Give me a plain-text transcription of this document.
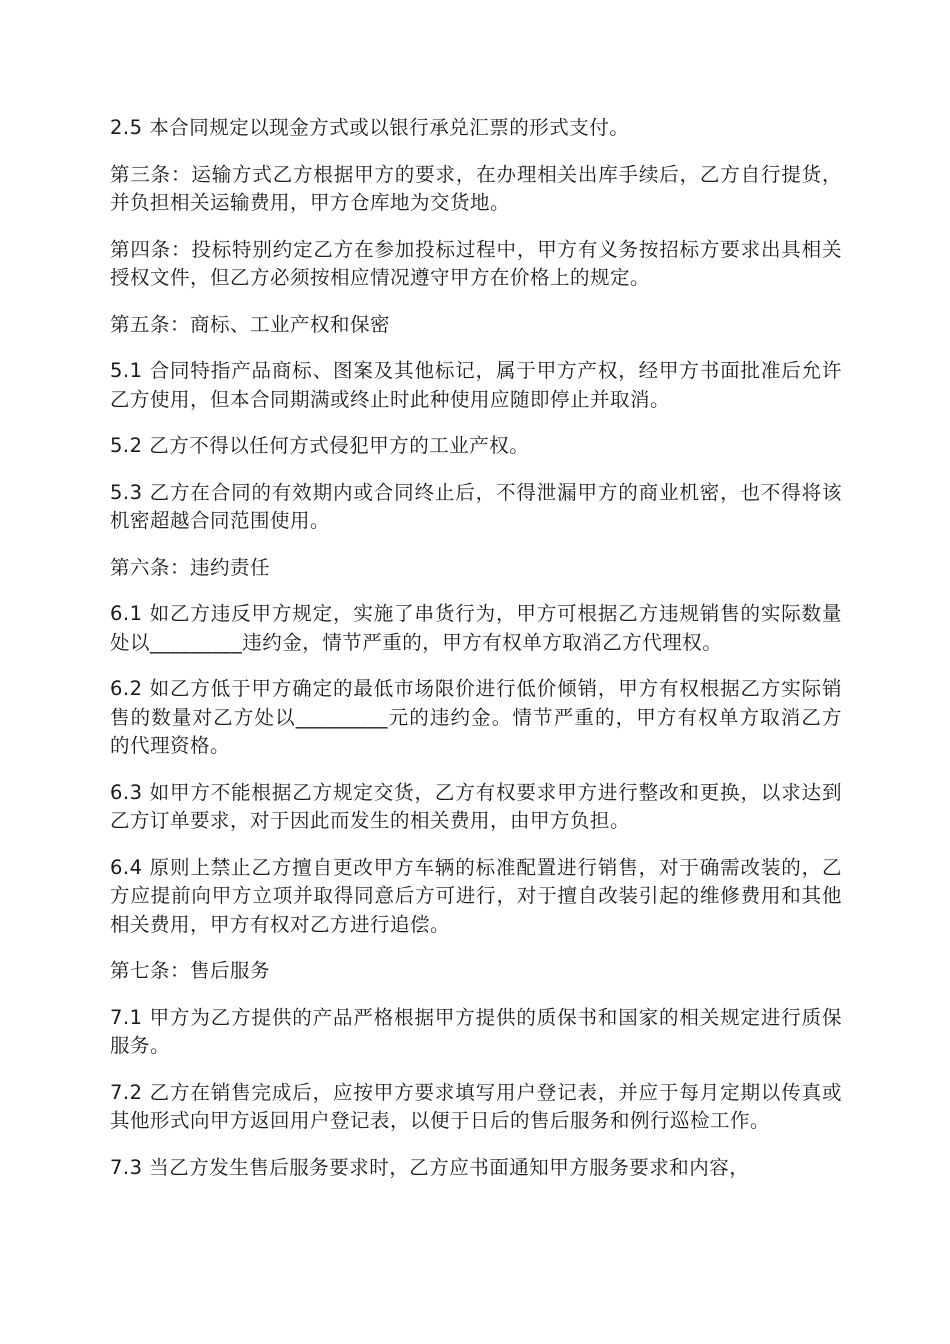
2.5 本合同规定以现金方式或以银行承兑汇票的形式支付。

第三条：运输方式乙方根据甲方的要求，在办理相关出库手续后，乙方自行提货，并负担相关运输费用，甲方仓库地为交货地。

第四条：投标特别约定乙方在参加投标过程中，甲方有义务按招标方要求出具相关授权文件，但乙方必须按相应情况遵守甲方在价格上的规定。

第五条：商标、工业产权和保密

5.1 合同特指产品商标、图案及其他标记，属于甲方产权，经甲方书面批准后允许乙方使用，但本合同期满或终止时此种使用应随即停止并取消。

5.2 乙方不得以任何方式侵犯甲方的工业产权。

5.3 乙方在合同的有效期内或合同终止后，不得泄漏甲方的商业机密，也不得将该机密超越合同范围使用。

第六条：违约责任

6.1 如乙方违反甲方规定，实施了串货行为，甲方可根据乙方违规销售的实际数量处以_________违约金，情节严重的，甲方有权单方取消乙方代理权。

6.2 如乙方低于甲方确定的最低市场限价进行低价倾销，甲方有权根据乙方实际销售的数量对乙方处以_________元的违约金。情节严重的，甲方有权单方取消乙方的代理资格。

6.3 如甲方不能根据乙方规定交货，乙方有权要求甲方进行整改和更换，以求达到乙方订单要求，对于因此而发生的相关费用，由甲方负担。

6.4 原则上禁止乙方擅自更改甲方车辆的标准配置进行销售，对于确需改装的，乙方应提前向甲方立项并取得同意后方可进行，对于擅自改装引起的维修费用和其他相关费用，甲方有权对乙方进行追偿。

第七条：售后服务

7.1 甲方为乙方提供的产品严格根据甲方提供的质保书和国家的相关规定进行质保服务。

7.2 乙方在销售完成后，应按甲方要求填写用户登记表，并应于每月定期以传真或其他形式向甲方返回用户登记表，以便于日后的售后服务和例行巡检工作。

7.3 当乙方发生售后服务要求时，乙方应书面通知甲方服务要求和内容，
